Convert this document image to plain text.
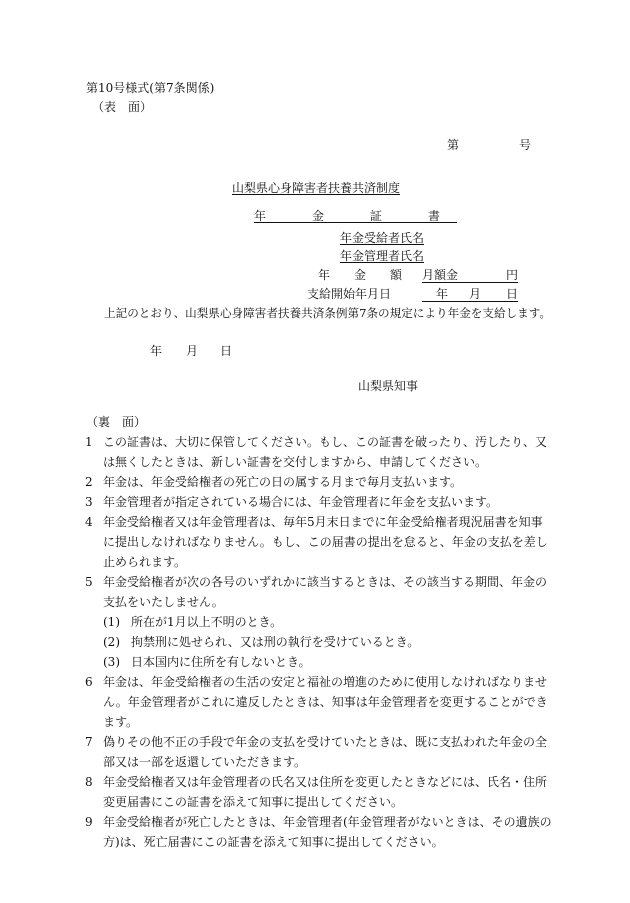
第10号様式(第7条関係)
（表　面）
第	号
山梨県心身障害者扶養共済制度
年　金　証　書
年金受給者氏名
年金管理者氏名
年　　金　　額 月額金	円
支給開始年月日	年 月 日
上記のとおり、山梨県心身障害者扶養共済条例第7条の規定により年金を支給します。
年 月 日
山梨県知事
（裏　面）
1 この証書は、大切に保管してください。もし、この証書を破ったり、汚したり、又は無くしたときは、新しい証書を交付しますから、申請してください。
2 年金は、年金受給権者の死亡の日の属する月まで毎月支払います。
3 年金管理者が指定されている場合には、年金管理者に年金を支払います。
4 年金受給権者又は年金管理者は、毎年5月末日までに年金受給権者現況届書を知事に提出しなければなりません。もし、この届書の提出を怠ると、年金の支払を差し止められます。
5 年金受給権者が次の各号のいずれかに該当するときは、その該当する期間、年金の支払をいたしません。
(1) 所在が1月以上不明のとき。
(2) 拘禁刑に処せられ、又は刑の執行を受けているとき。
(3) 日本国内に住所を有しないとき。
6 年金は、年金受給権者の生活の安定と福祉の増進のために使用しなければなりません。年金管理者がこれに違反したときは、知事は年金管理者を変更することができます。
7 偽りその他不正の手段で年金の支払を受けていたときは、既に支払われた年金の全部又は一部を返還していただきます。
8 年金受給権者又は年金管理者の氏名又は住所を変更したときなどには、氏名・住所変更届書にこの証書を添えて知事に提出してください。
9 年金受給権者が死亡したときは、年金管理者(年金管理者がないときは、その遺族の方)は、死亡届書にこの証書を添えて知事に提出してください。
